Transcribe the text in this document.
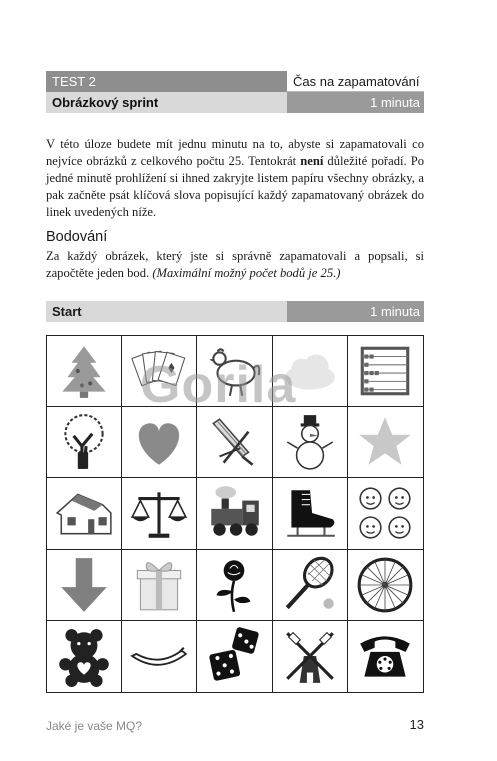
TEST 2	Čas na zapamatování
Obrázkový sprint	1 minuta

V této úloze budete mít jednu minutu na to, abyste si zapamatovali co nejvíce obrázků z celkového počtu 25. Tentokrát není důležité pořadí. Po jedné minutě prohlížení si ihned zakryjte listem papíru všechny obrázky, a pak začněte psát klíčová slova popisující každý zapamatovaný obrázek do linek uvedených níže.

Bodování

Za každý obrázek, který jste si správně zapamatovali a popsali, si započtěte jeden bod. (Maximální možný počet bodů je 25.)

Start	1 minuta
Gorila
Jaké je vaše MQ?	13
